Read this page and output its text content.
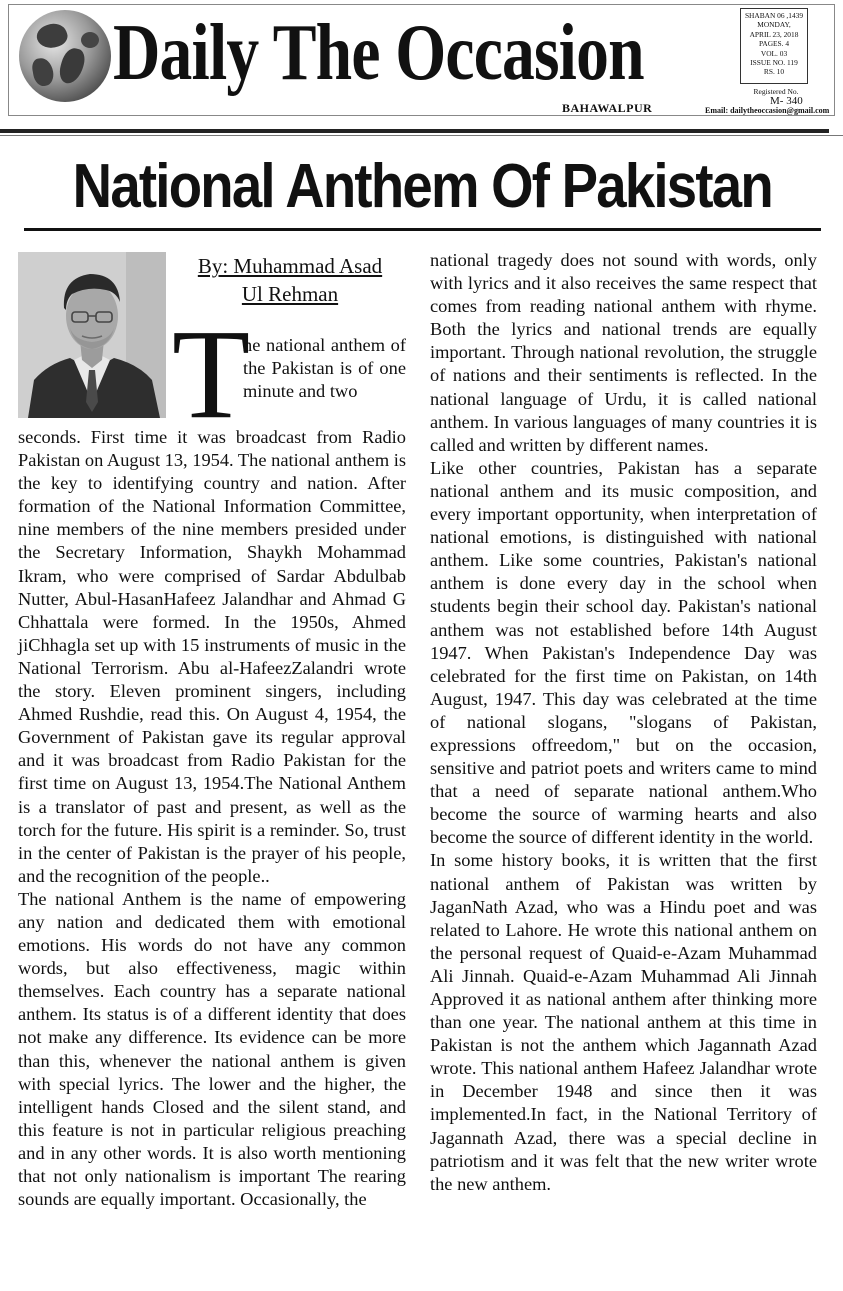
Daily The Occasion
BAHAWALPUR
SHABAN 06 ,1439
MONDAY,
APRIL 23, 2018
PAGES. 4
VOL. 03
ISSUE NO. 119
RS. 10
Registered No.
M- 340
Email: dailytheoccasion@gmail.com
National Anthem Of Pakistan
By: Muhammad Asad
Ul Rehman
T
he national anthem of the Pakistan is of one minute and two

seconds. First time it was broadcast from Radio Pakistan on August 13, 1954. The national anthem is the key to identifying country and nation. After formation of the National Information Committee, nine members of the nine members presided under the Secretary Information, Shaykh Mohammad Ikram, who were comprised of Sardar Abdulbab Nutter, Abul-HasanHafeez Jalandhar and Ahmad G Chhattala were formed. In the 1950s, Ahmed jiChhagla set up with 15 instruments of music in the National Terrorism. Abu al-HafeezZalandri wrote the story. Eleven prominent singers, including Ahmed Rushdie, read this. On August 4, 1954, the Government of Pakistan gave its regular approval and it was broadcast from Radio Pakistan for the first time on August 13, 1954.The National Anthem is a translator of past and present, as well as the torch for the future. His spirit is a reminder. So, trust in the center of Pakistan is the prayer of his people, and the recognition of the people..

The national Anthem is the name of empowering any nation and dedicated them with emotional emotions. His words do not have any common words, but also effectiveness, magic within themselves. Each country has a separate national anthem. Its status is of a different identity that does not make any difference. Its evidence can be more than this, whenever the national anthem is given with special lyrics. The lower and the higher, the intelligent hands Closed and the silent stand, and this feature is not in particular religious preaching and in any other words. It is also worth mentioning that not only nationalism is important The rearing sounds are equally important. Occasionally, the

national tragedy does not sound with words, only with lyrics and it also receives the same respect that comes from reading national anthem with rhyme. Both the lyrics and national trends are equally important. Through national revolution, the struggle of nations and their sentiments is reflected. In the national language of Urdu, it is called national anthem. In various languages of many countries it is called and written by different names.

Like other countries, Pakistan has a separate national anthem and its music composition, and every important opportunity, when interpretation of national emotions, is distinguished with national anthem. Like some countries, Pakistan's national anthem is done every day in the school when students begin their school day. Pakistan's national anthem was not established before 14th August 1947. When Pakistan's Independence Day was celebrated for the first time on Pakistan, on 14th August, 1947. This day was celebrated at the time of national slogans, "slogans of Pakistan, expressions offreedom," but on the occasion, sensitive and patriot poets and writers came to mind that a need of separate national anthem.Who become the source of warming hearts and also become the source of different identity in the world.

In some history books, it is written that the first national anthem of Pakistan was written by JaganNath Azad, who was a Hindu poet and was related to Lahore. He wrote this national anthem on the personal request of Quaid-e-Azam Muhammad Ali Jinnah. Quaid-e-Azam Muhammad Ali Jinnah Approved it as national anthem after thinking more than one year. The national anthem at this time in Pakistan is not the anthem which Jagannath Azad wrote. This national anthem Hafeez Jalandhar wrote in December 1948 and since then it was implemented.In fact, in the National Territory of Jagannath Azad, there was a special decline in patriotism and it was felt that the new writer wrote the new anthem.
